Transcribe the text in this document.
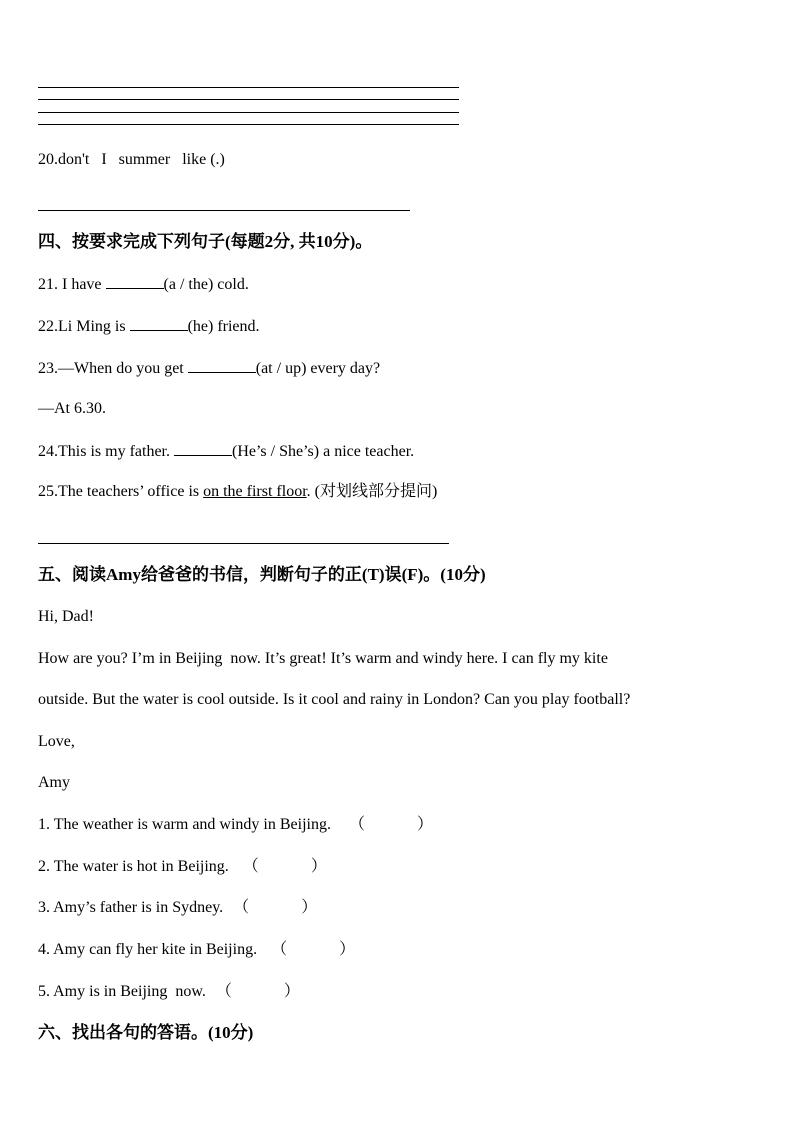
20.don't   I   summer   like (.)
四、按要求完成下列句子(每题2分, 共10分)。
21. I have	(a / the) cold.
22.Li Ming is	(he) friend.
23.—When do you get	(at / up) every day?
—At 6.30.
24.This is my father.	(He’s / She’s) a nice teacher.
25.The teachers’ office is on the first floor. (对划线部分提问)
五、阅读Amy给爸爸的书信，判断句子的正(T)误(F)。(10分)
Hi, Dad!
How are you? I’m in Beijing  now. It’s great! It’s warm and windy here. I can fly my kite
outside. But the water is cool outside. Is it cool and rainy in London? Can you play football?
Love,
Amy
1. The weather is warm and windy in Beijing. （	）
2. The water is hot in Beijing. （	）
3. Amy’s father is in Sydney. （	）
4. Amy can fly her kite in Beijing. （	）
5. Amy is in Beijing  now. （	）
六、找出各句的答语。(10分)
